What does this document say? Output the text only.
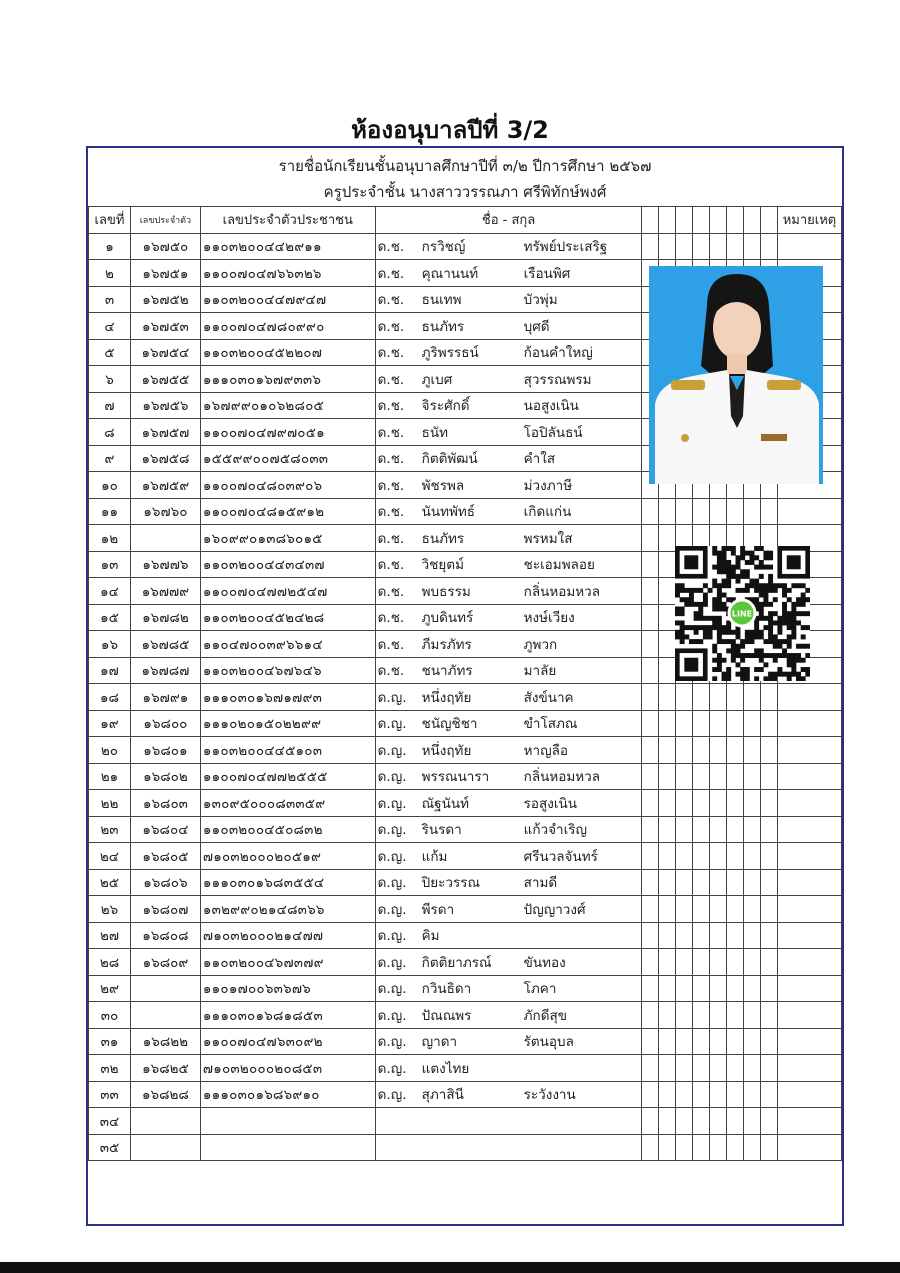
ห้องอนุบาลปีที่ 3/2
รายชื่อนักเรียนชั้นอนุบาลศึกษาปีที่ ๓/๒ ปีการศึกษา ๒๕๖๗
ครูประจำชั้น นางสาววรรณภา ศรีพิทักษ์พงศ์
เลขที่	เลขประจำตัว	เลขประจำตัวประชาชน	ชื่อ - สกุล									หมายเหตุ
๑	๑๖๗๕๐	๑๑๐๓๒๐๐๔๔๒๙๑๑	ด.ช. กรวิชญ์ ทรัพย์ประเสริฐ									
๒	๑๖๗๕๑	๑๑๐๐๗๐๔๗๖๖๓๒๖	ด.ช. คุณานนท์ เรือนพิศ									
๓	๑๖๗๕๒	๑๑๐๓๒๐๐๔๔๗๙๔๗	ด.ช. ธนเทพ บัวพุ่ม									
๔	๑๖๗๕๓	๑๑๐๐๗๐๔๗๘๐๙๙๐	ด.ช. ธนภัทร บุศดี									
๕	๑๖๗๕๔	๑๑๐๓๒๐๐๔๕๒๒๐๗	ด.ช. ภูริพรรธน์ ก้อนคำใหญ่									
๖	๑๖๗๕๕	๑๑๑๐๓๐๑๖๗๙๓๓๖	ด.ช. ภูเบศ สุวรรณพรม									
๗	๑๖๗๕๖	๑๖๗๙๙๐๑๐๖๒๘๐๕	ด.ช. จิระศักดิ์ นอสูงเนิน									
๘	๑๖๗๕๗	๑๑๐๐๗๐๔๗๙๗๐๕๑	ด.ช. ธนัท โอปิลันธน์									
๙	๑๖๗๕๘	๑๕๕๙๙๐๐๗๕๘๐๓๓	ด.ช. กิตติพัฒน์ คำใส									
๑๐	๑๖๗๕๙	๑๑๐๐๗๐๔๘๐๓๙๐๖	ด.ช. พัชรพล ม่วงภาษี									
๑๑	๑๖๗๖๐	๑๑๐๐๗๐๔๘๑๕๙๑๒	ด.ช. นันทพัทธ์ เกิดแก่น									
๑๒		๑๖๐๙๙๐๑๓๘๖๐๑๕	ด.ช. ธนภัทร พรหมใส									
๑๓	๑๖๗๗๖	๑๑๐๓๒๐๐๔๔๓๔๓๗	ด.ช. วิชยุตม์ ชะเอมพลอย									
๑๔	๑๖๗๗๙	๑๑๐๐๗๐๔๗๗๒๕๔๗	ด.ช. พบธรรม กลิ่นหอมหวล									
๑๕	๑๖๗๘๒	๑๑๐๓๒๐๐๔๕๒๔๒๘	ด.ช. ภูบดินทร์ หงษ์เวียง									
๑๖	๑๖๗๘๕	๑๑๐๔๗๐๐๓๙๖๖๑๔	ด.ช. ภีมรภัทร ภูพวก									
๑๗	๑๖๗๘๗	๑๑๐๓๒๐๐๔๖๗๖๔๖	ด.ช. ชนาภัทร มาลัย									
๑๘	๑๖๗๙๑	๑๑๑๐๓๐๑๖๗๑๗๙๓	ด.ญ. หนึ่งฤทัย สังข์นาค									
๑๙	๑๖๘๐๐	๑๑๑๐๒๐๑๕๐๒๒๙๙	ด.ญ. ชนัญชิชา ขำโสภณ									
๒๐	๑๖๘๐๑	๑๑๐๓๒๐๐๔๔๕๑๐๓	ด.ญ. หนึ่งฤทัย หาญลือ									
๒๑	๑๖๘๐๒	๑๑๐๐๗๐๔๗๗๒๕๕๕	ด.ญ. พรรณนารา กลิ่นหอมหวล									
๒๒	๑๖๘๐๓	๑๓๐๙๕๐๐๐๘๓๓๕๙	ด.ญ. ณัฐนันท์ รอสูงเนิน									
๒๓	๑๖๘๐๔	๑๑๐๓๒๐๐๔๕๐๘๓๒	ด.ญ. รินรดา แก้วจำเริญ									
๒๔	๑๖๘๐๕	๗๑๐๓๒๐๐๐๒๐๕๑๙	ด.ญ. แก้ม ศรีนวลจันทร์									
๒๕	๑๖๘๐๖	๑๑๑๐๓๐๑๖๘๓๕๕๔	ด.ญ. ปิยะวรรณ สามดี									
๒๖	๑๖๘๐๗	๑๓๒๙๙๐๒๑๔๘๓๖๖	ด.ญ. พีรดา ปัญญาวงศ์									
๒๗	๑๖๘๐๘	๗๑๐๓๒๐๐๐๒๑๔๗๗	ด.ญ. คิม									
๒๘	๑๖๘๐๙	๑๑๐๓๒๐๐๔๖๗๓๗๙	ด.ญ. กิตติยาภรณ์ ขันทอง									
๒๙		๑๑๐๑๗๐๐๖๓๖๗๖	ด.ญ. กวินธิดา โภคา									
๓๐		๑๑๑๐๓๐๑๖๘๑๘๕๓	ด.ญ. ปัณณพร ภักดีสุข									
๓๑	๑๖๘๒๒	๑๑๐๐๗๐๔๗๖๓๐๙๒	ด.ญ. ญาดา รัตนอุบล									
๓๒	๑๖๘๒๕	๗๑๐๓๒๐๐๐๒๐๘๕๓	ด.ญ. แตงไทย									
๓๓	๑๖๘๒๘	๑๑๑๐๓๐๑๖๘๖๙๑๐	ด.ญ. สุภาสินี ระวังงาน									
๓๔												
๓๕												
LINE
